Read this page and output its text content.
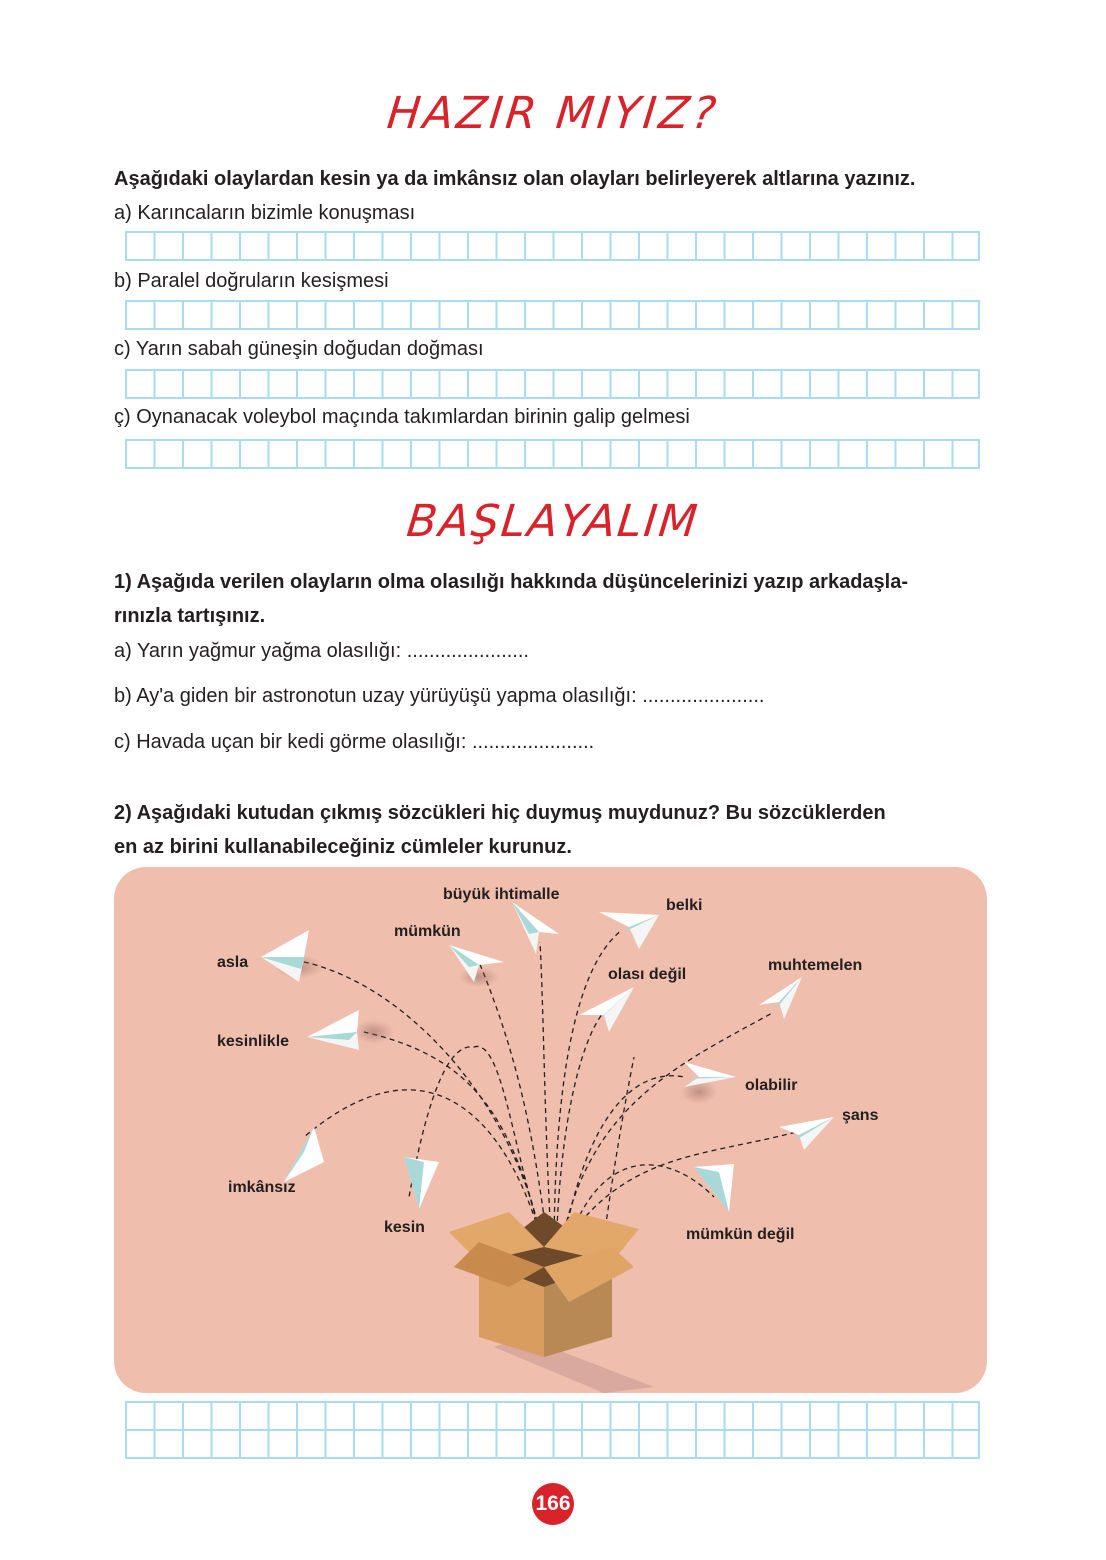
HAZIR MIYIZ?
Aşağıdaki olaylardan kesin ya da imkânsız olan olayları belirleyerek altlarına yazınız.
a) Karıncaların bizimle konuşması
b) Paralel doğruların kesişmesi
c) Yarın sabah güneşin doğudan doğması
ç) Oynanacak voleybol maçında takımlardan birinin galip gelmesi
BAŞLAYALIM
1) Aşağıda verilen olayların olma olasılığı hakkında düşüncelerinizi yazıp arkadaşla-
rınızla tartışınız.
a) Yarın yağmur yağma olasılığı: ......................
b) Ay'a giden bir astronotun uzay yürüyüşü yapma olasılığı: ......................
c) Havada uçan bir kedi görme olasılığı: ......................
2) Aşağıdaki kutudan çıkmış sözcükleri hiç duymuş muydunuz? Bu sözcüklerden
en az birini kullanabileceğiniz cümleler kurunuz.
büyük ihtimalle
belki
mümkün
asla
olası değil
muhtemelen
kesinlikle
olabilir
şans
imkânsız
kesin	mümkün değil
166
